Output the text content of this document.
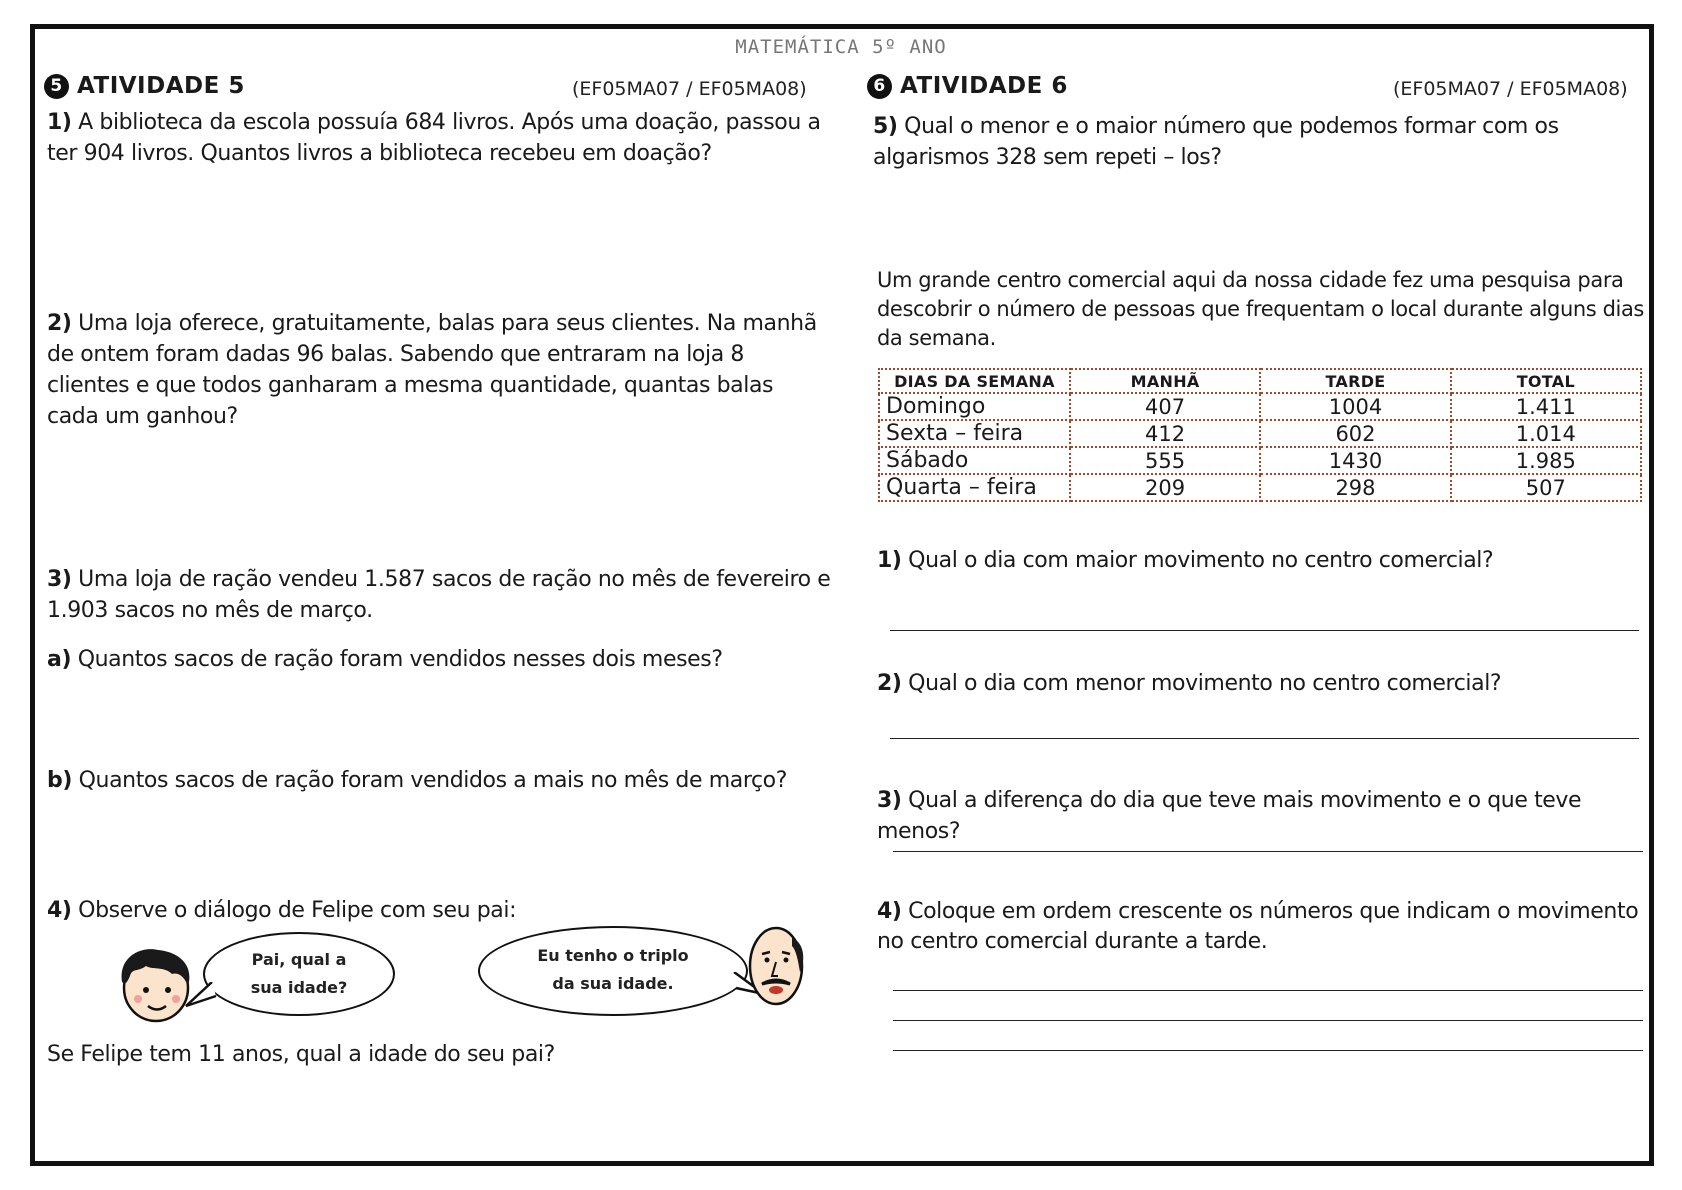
MATEMÁTICA 5º ANO
5 ATIVIDADE 5	(EF05MA07 / EF05MA08)
1) A biblioteca da escola possuía 684 livros. Após uma doação, passou a ter 904 livros. Quantos livros a biblioteca recebeu em doação?
2) Uma loja oferece, gratuitamente, balas para seus clientes. Na manhã de ontem foram dadas 96 balas. Sabendo que entraram na loja 8 clientes e que todos ganharam a mesma quantidade, quantas balas cada um ganhou?
3) Uma loja de ração vendeu 1.587 sacos de ração no mês de fevereiro e 1.903 sacos no mês de março.
a) Quantos sacos de ração foram vendidos nesses dois meses?
b) Quantos sacos de ração foram vendidos a mais no mês de março?
4) Observe o diálogo de Felipe com seu pai:
Pai, qual a
sua idade?
Eu tenho o triplo
da sua idade.
Se Felipe tem 11 anos, qual a idade do seu pai?
6 ATIVIDADE 6	(EF05MA07 / EF05MA08)
5) Qual o menor e o maior número que podemos formar com os algarismos 328 sem repeti – los?
Um grande centro comercial aqui da nossa cidade fez uma pesquisa para descobrir o número de pessoas que frequentam o local durante alguns dias da semana.
DIAS DA SEMANA	MANHÃ	TARDE	TOTAL
Domingo	407	1004	1.411
Sexta – feira	412	602	1.014
Sábado	555	1430	1.985
Quarta – feira	209	298	507
1) Qual o dia com maior movimento no centro comercial?
2) Qual o dia com menor movimento no centro comercial?
3) Qual a diferença do dia que teve mais movimento e o que teve menos?
4) Coloque em ordem crescente os números que indicam o movimento no centro comercial durante a tarde.
